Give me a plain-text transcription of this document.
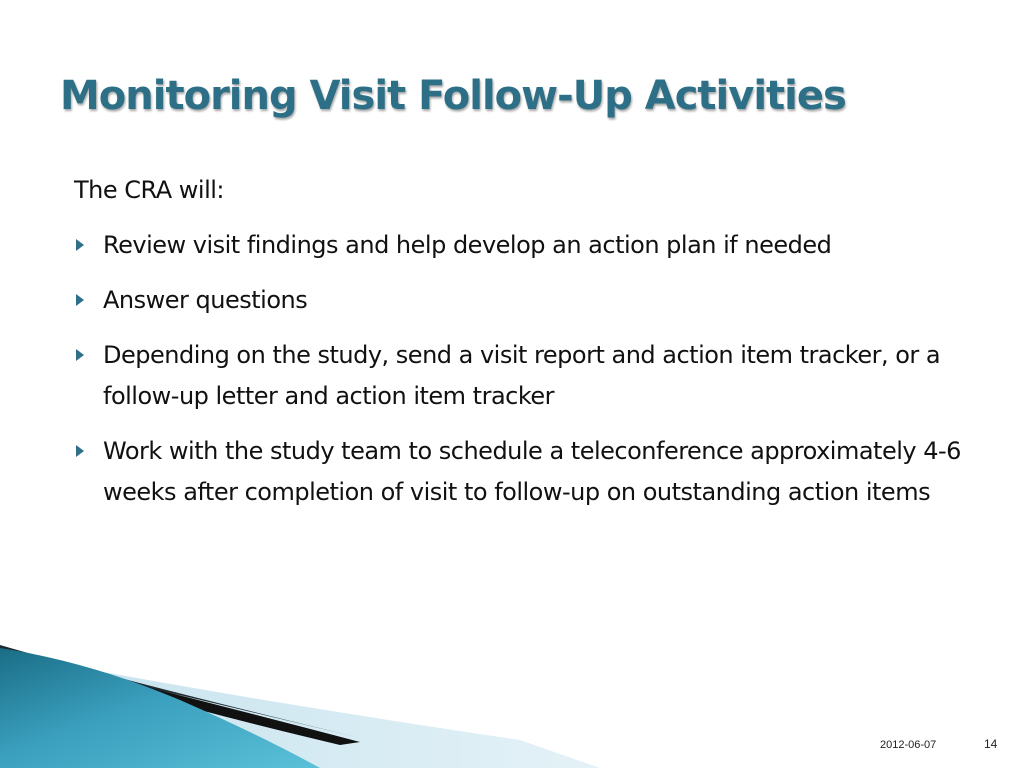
Monitoring Visit Follow-Up Activities

The CRA will:

Review visit findings and help develop an action plan if needed
Answer questions
Depending on the study, send a visit report and action item tracker, or a follow-up letter and action item tracker
Work with the study team to schedule a teleconference approximately 4-6 weeks after completion of visit to follow-up on outstanding action items
2012-06-07	14
